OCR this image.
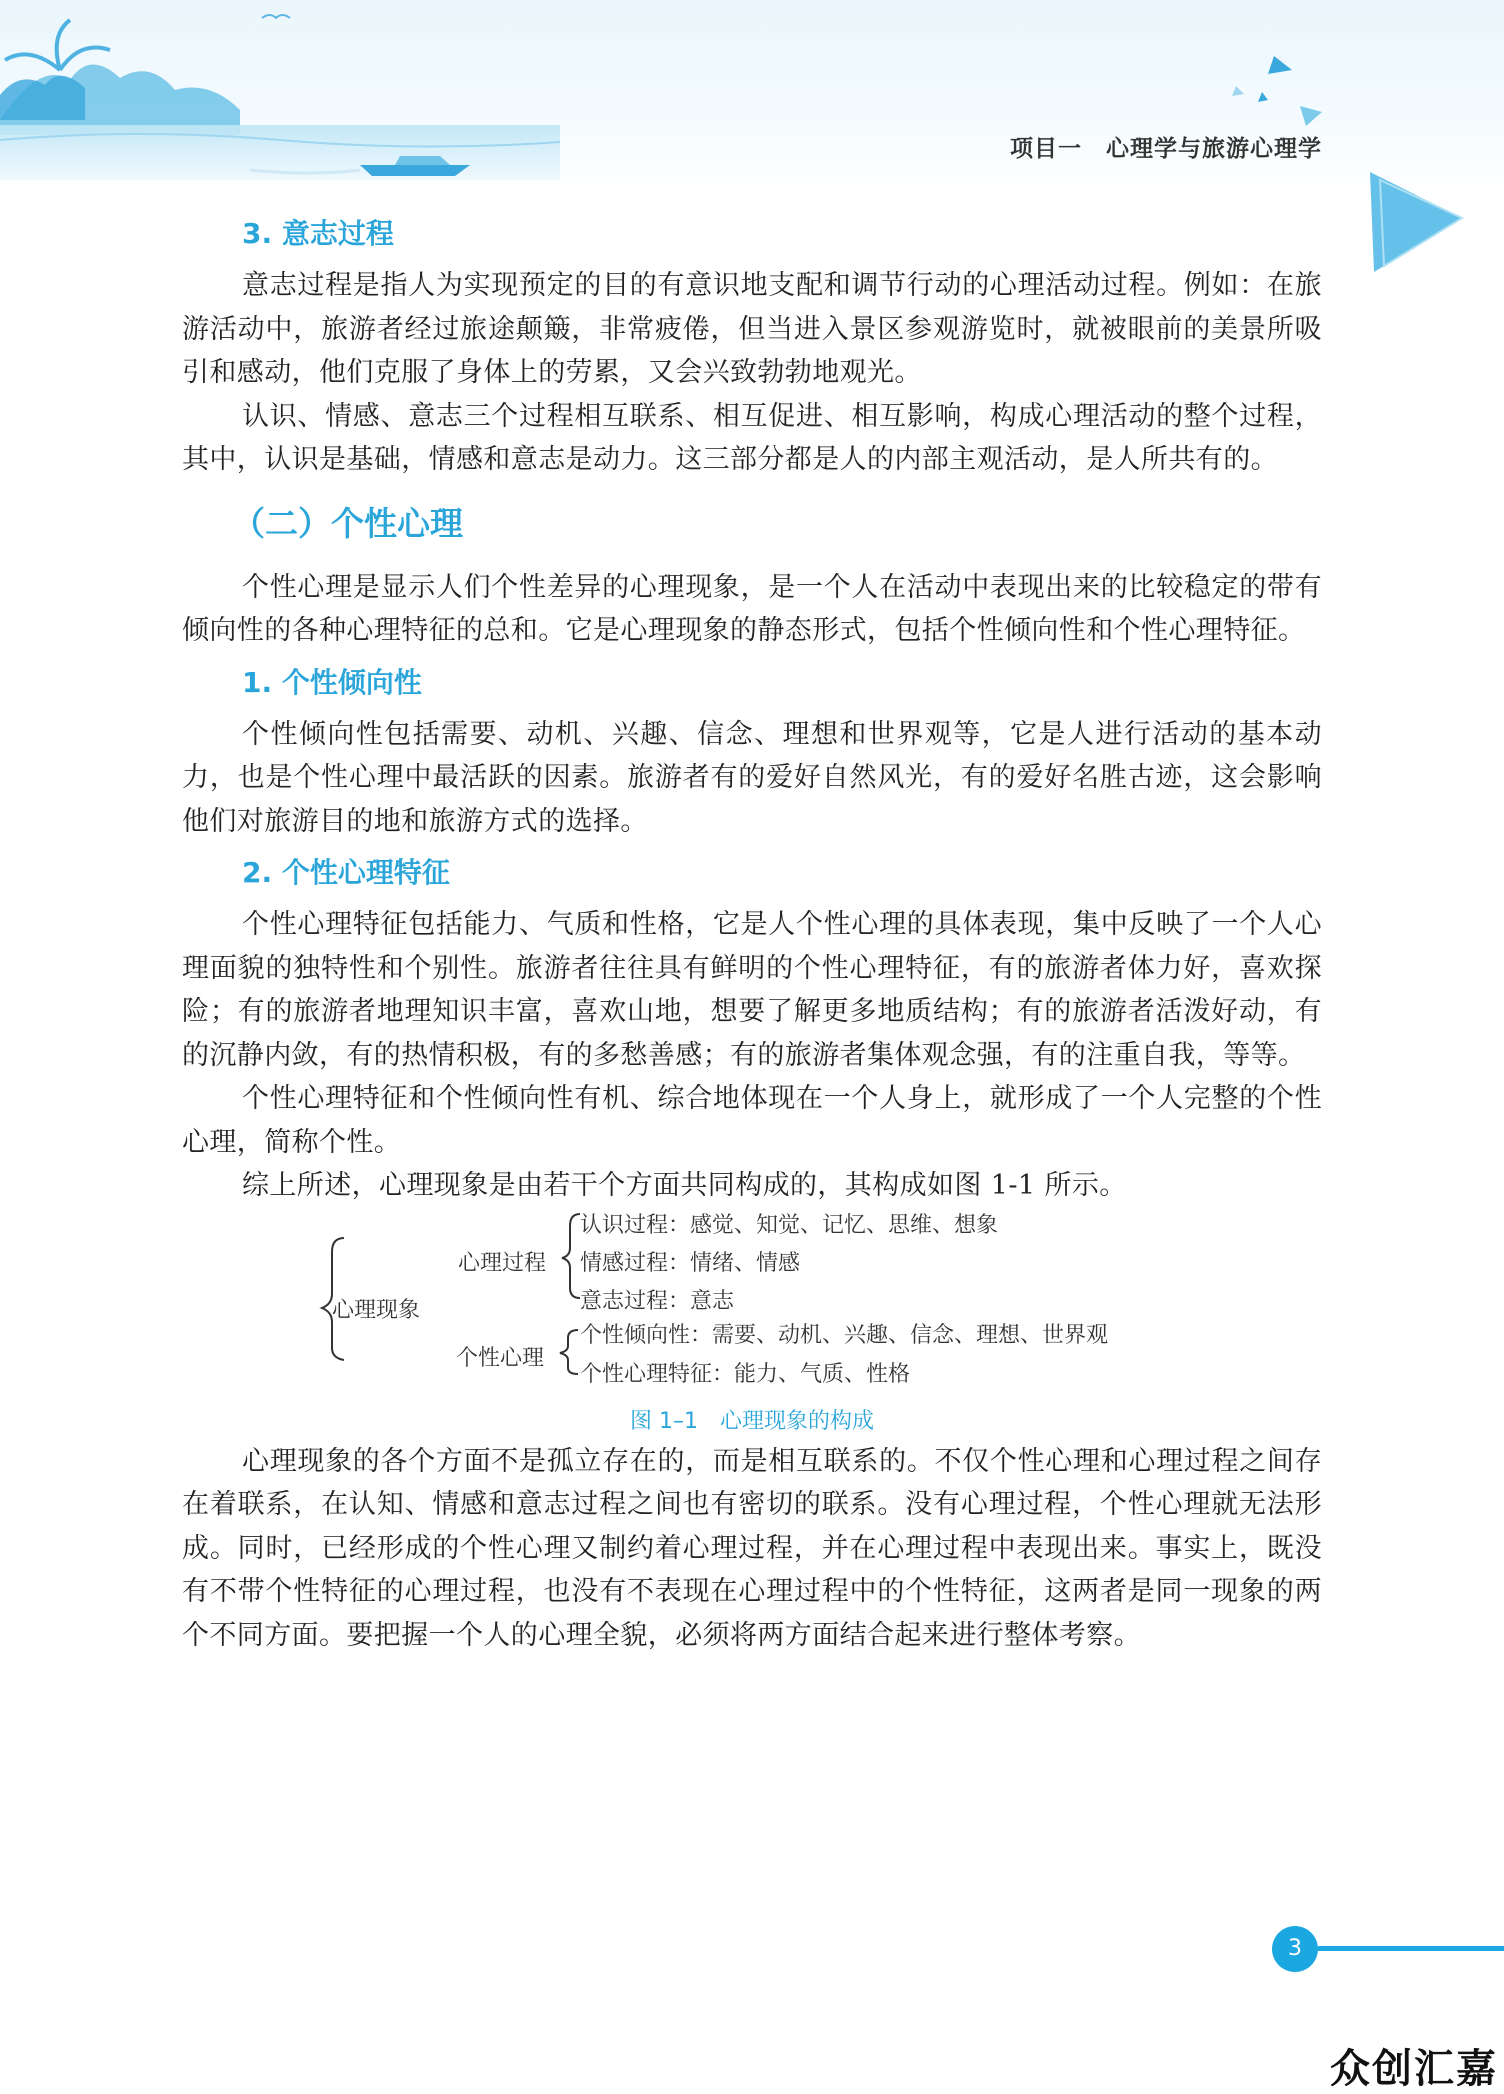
项目一　心理学与旅游心理学
3. 意志过程

意志过程是指人为实现预定的目的有意识地支配和调节行动的心理活动过程。例如：在旅游活动中，旅游者经过旅途颠簸，非常疲倦，但当进入景区参观游览时，就被眼前的美景所吸引和感动，他们克服了身体上的劳累，又会兴致勃勃地观光。

认识、情感、意志三个过程相互联系、相互促进、相互影响，构成心理活动的整个过程，其中，认识是基础，情感和意志是动力。这三部分都是人的内部主观活动，是人所共有的。

（二）个性心理

个性心理是显示人们个性差异的心理现象，是一个人在活动中表现出来的比较稳定的带有倾向性的各种心理特征的总和。它是心理现象的静态形式，包括个性倾向性和个性心理特征。

1. 个性倾向性

个性倾向性包括需要、动机、兴趣、信念、理想和世界观等，它是人进行活动的基本动力，也是个性心理中最活跃的因素。旅游者有的爱好自然风光，有的爱好名胜古迹，这会影响他们对旅游目的地和旅游方式的选择。

2. 个性心理特征

个性心理特征包括能力、气质和性格，它是人个性心理的具体表现，集中反映了一个人心理面貌的独特性和个别性。旅游者往往具有鲜明的个性心理特征，有的旅游者体力好，喜欢探险；有的旅游者地理知识丰富，喜欢山地，想要了解更多地质结构；有的旅游者活泼好动，有的沉静内敛，有的热情积极，有的多愁善感；有的旅游者集体观念强，有的注重自我，等等。

个性心理特征和个性倾向性有机、综合地体现在一个人身上，就形成了一个人完整的个性心理，简称个性。

综上所述，心理现象是由若干个方面共同构成的，其构成如图 1-1 所示。

心理现象
心理过程
个性心理
认识过程：感觉、知觉、记忆、思维、想象
情感过程：情绪、情感
意志过程：意志
个性倾向性：需要、动机、兴趣、信念、理想、世界观
个性心理特征：能力、气质、性格
图 1–1　心理现象的构成

心理现象的各个方面不是孤立存在的，而是相互联系的。不仅个性心理和心理过程之间存在着联系，在认知、情感和意志过程之间也有密切的联系。没有心理过程，个性心理就无法形成。同时，已经形成的个性心理又制约着心理过程，并在心理过程中表现出来。事实上，既没有不带个性特征的心理过程，也没有不表现在心理过程中的个性特征，这两者是同一现象的两个不同方面。要把握一个人的心理全貌，必须将两方面结合起来进行整体考察。

3
众创汇嘉
